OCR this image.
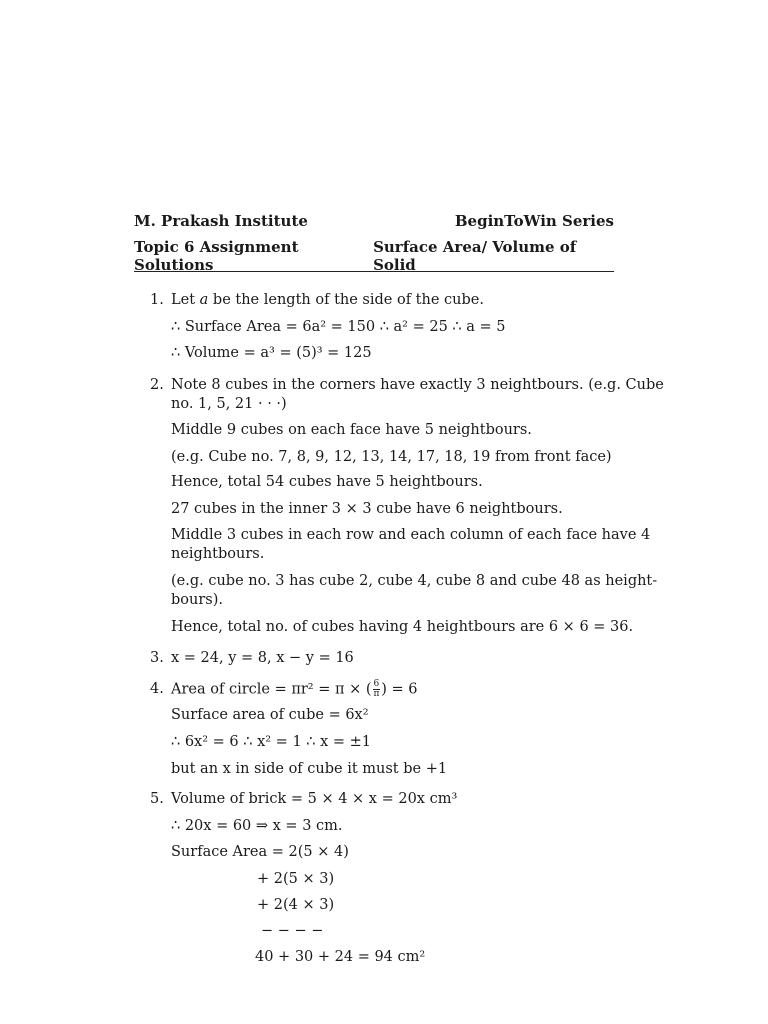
M. Prakash Institute	BeginToWin Series
Topic 6 Assignment Solutions
Surface Area/ Volume of Solid
1. Let a be the length of the side of the cube.
∴ Surface Area = 6a² = 150 ∴ a² = 25 ∴ a = 5
∴ Volume = a³ = (5)³ = 125
2. Note 8 cubes in the corners have exactly 3 neightbours. (e.g. Cube
no. 1, 5, 21 · · ·)
Middle 9 cubes on each face have 5 neightbours.
(e.g. Cube no. 7, 8, 9, 12, 13, 14, 17, 18, 19 from front face)
Hence, total 54 cubes have 5 heightbours.
27 cubes in the inner 3 × 3 cube have 6 neightbours.
Middle 3 cubes in each row and each column of each face have 4
neightbours.
(e.g. cube no. 3 has cube 2, cube 4, cube 8 and cube 48 as height-
bours).
Hence, total no. of cubes having 4 heightbours are 6 × 6 = 36.
3. x = 24, y = 8, x − y = 16
4. Area of circle = πr² = π × ( $\frac{6}{\pi}$ ) = 6
Surface area of cube = 6x²
∴ 6x² = 6 ∴ x² = 1 ∴ x = ±1
but an x in side of cube it must be +1
5. Volume of brick = 5 × 4 × x = 20x cm³
∴ 20x = 60 ⇒ x = 3 cm.
Surface Area = 2(5 × 4)
+ 2(5 × 3)
+ 2(4 × 3)
− − − −
40 + 30 + 24 = 94 cm²
